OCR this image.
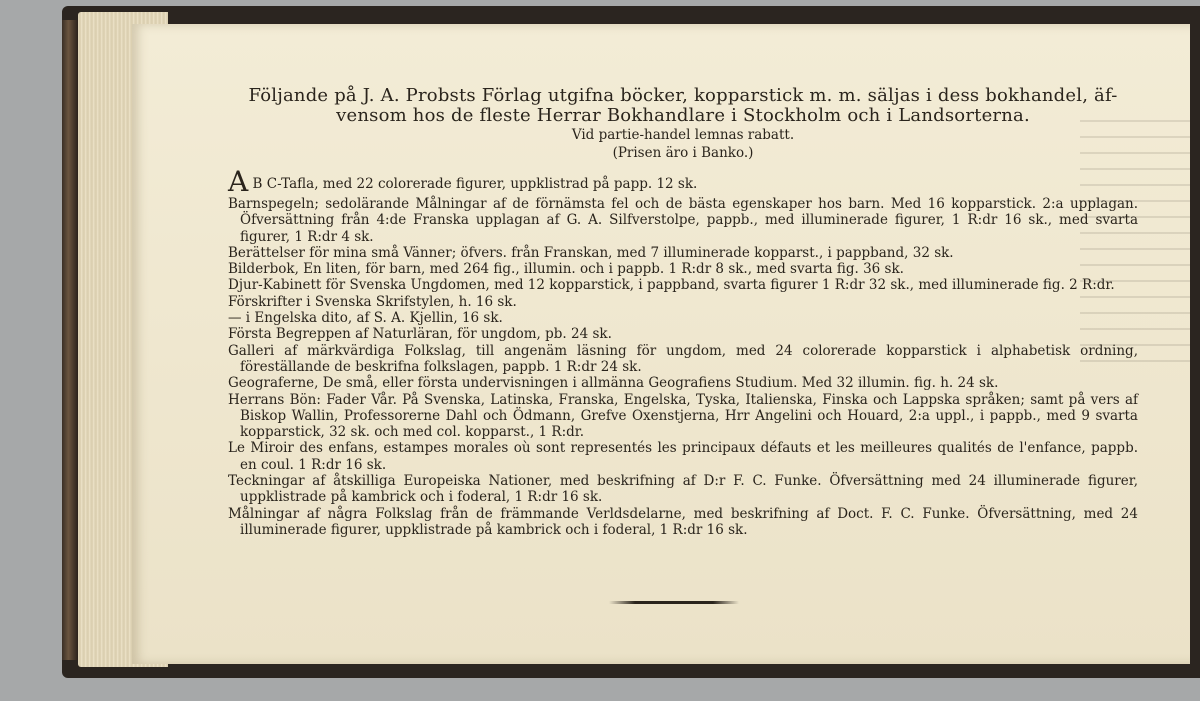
Följande på J. A. Probsts Förlag utgifna böcker, kopparstick m. m. säljas i dess bokhandel, äf-
vensom hos de fleste Herrar Bokhandlare i Stockholm och i Landsorterna.
Vid partie-handel lemnas rabatt.
(Prisen äro i Banko.)
A B C-Tafla, med 22 colorerade figurer, uppklistrad på papp. 12 sk.
Barnspegeln; sedolärande Målningar af de förnämsta fel och de bästa egenskaper hos barn. Med 16 kopparstick. 2:a upplagan. Öfversättning från 4:de Franska upplagan af G. A. Silfverstolpe, pappb., med illuminerade figurer, 1 R:dr 16 sk., med svarta figurer, 1 R:dr 4 sk.
Berättelser för mina små Vänner; öfvers. från Franskan, med 7 illuminerade kopparst., i pappband, 32 sk.
Bilderbok, En liten, för barn, med 264 fig., illumin. och i pappb. 1 R:dr 8 sk., med svarta fig. 36 sk.
Djur-Kabinett för Svenska Ungdomen, med 12 kopparstick, i pappband, svarta figurer 1 R:dr 32 sk., med illuminerade fig. 2 R:dr.
Förskrifter i Svenska Skrifstylen, h. 16 sk.
— i Engelska dito, af S. A. Kjellin, 16 sk.
Första Begreppen af Naturläran, för ungdom, pb. 24 sk.
Galleri af märkvärdiga Folkslag, till angenäm läsning för ungdom, med 24 colorerade kopparstick i alphabetisk ordning, föreställande de beskrifna folkslagen, pappb. 1 R:dr 24 sk.
Geograferne, De små, eller första undervisningen i allmänna Geografiens Studium. Med 32 illumin. fig. h. 24 sk.
Herrans Bön: Fader Vår. På Svenska, Latinska, Franska, Engelska, Tyska, Italienska, Finska och Lappska språken; samt på vers af Biskop Wallin, Professorerne Dahl och Ödmann, Grefve Oxenstjerna, Hrr Angelini och Houard, 2:a uppl., i pappb., med 9 svarta kopparstick, 32 sk. och med col. kopparst., 1 R:dr.
Le Miroir des enfans, estampes morales où sont representés les principaux défauts et les meilleures qualités de l'enfance, pappb. en coul. 1 R:dr 16 sk.
Teckningar af åtskilliga Europeiska Nationer, med beskrifning af D:r F. C. Funke. Öfversättning med 24 illuminerade figurer, uppklistrade på kambrick och i foderal, 1 R:dr 16 sk.
Målningar af några Folkslag från de främmande Verldsdelarne, med beskrifning af Doct. F. C. Funke. Öfversättning, med 24 illuminerade figurer, uppklistrade på kambrick och i foderal, 1 R:dr 16 sk.
